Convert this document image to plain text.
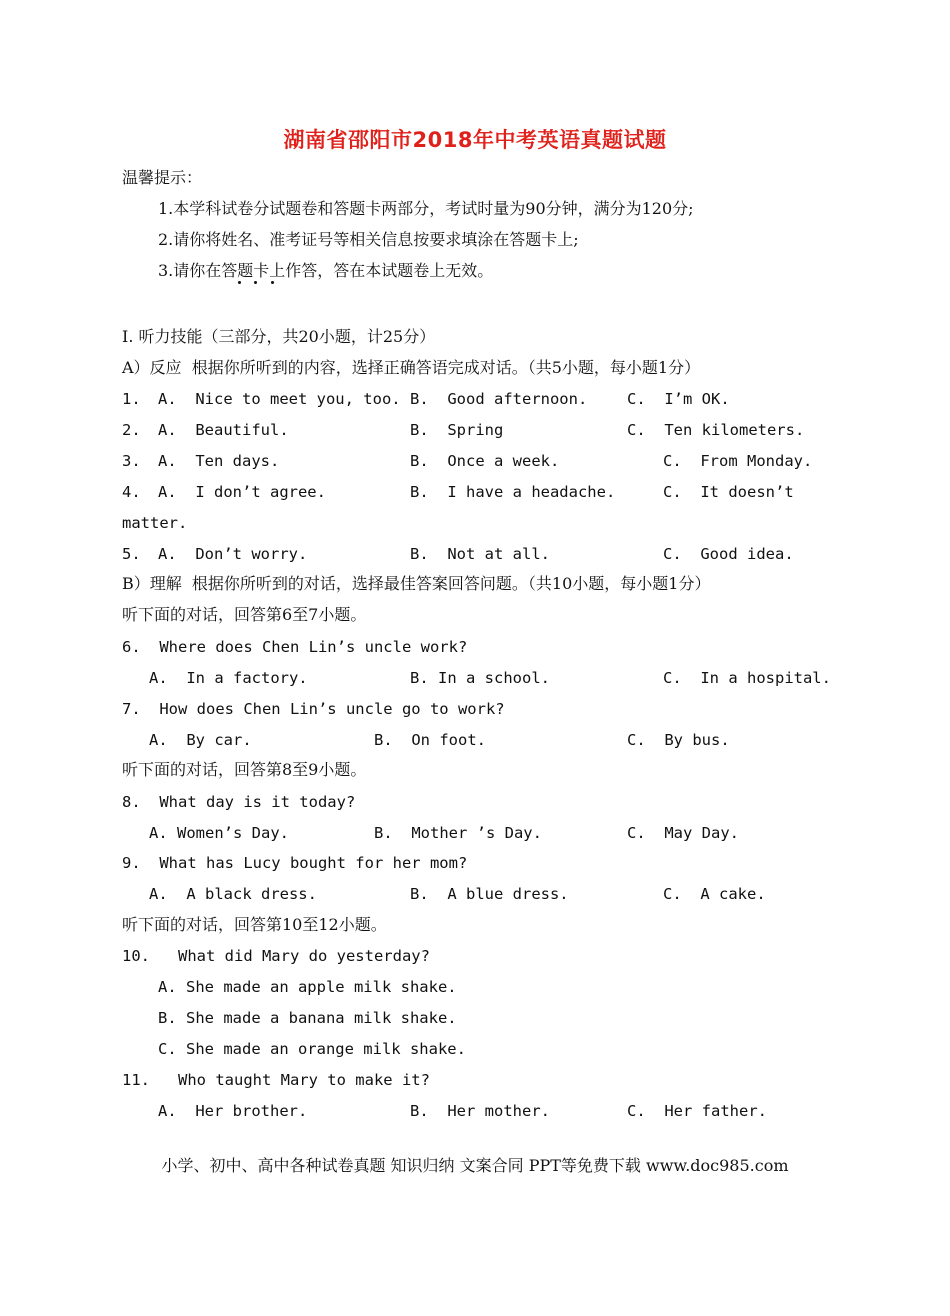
湖南省邵阳市2018年中考英语真题试题
温馨提示：
1.本学科试卷分试题卷和答题卡两部分，考试时量为90分钟，满分为120分;
2.请你将姓名、准考证号等相关信息按要求填涂在答题卡上;
3.请你在答题卡上作答，答在本试题卷上无效。
Ⅰ. 听力技能（三部分，共20小题，计25分）
A）反应  根据你所听到的内容，选择正确答语完成对话。（共5小题，每小题1分）
1. A.  Nice to meet you, too. B.  Good afternoon.	C.  I’m OK.
2. A.  Beautiful.	B.  Spring	C.  Ten kilometers.
3. A.  Ten days.	B.  Once a week.	C.  From Monday.
4. A.  I don’t agree.	B.  I have a headache.	C.  It doesn’t
matter.
5. A.  Don’t worry.	B.  Not at all.	C.  Good idea.
B）理解  根据你所听到的对话，选择最佳答案回答问题。（共10小题，每小题1分）
听下面的对话，回答第6至7小题。
6.  Where does Chen Lin’s uncle work?
A.  In a factory.	B. In a school.	C.  In a hospital.
7.  How does Chen Lin’s uncle go to work?
A.  By car.	B.  On foot.	C.  By bus.
听下面的对话，回答第8至9小题。
8.  What day is it today?
A. Women’s Day.	B.  Mother ’s Day.	C.  May Day.
9.  What has Lucy bought for her mom?
A.  A black dress.	B.  A blue dress.	C.  A cake.
听下面的对话，回答第10至12小题。
10.   What did Mary do yesterday?
A. She made an apple milk shake.
B. She made a banana milk shake.
C. She made an orange milk shake.
11.   Who taught Mary to make it?
A.  Her brother.	B.  Her mother.	C.  Her father.
小学、初中、高中各种试卷真题 知识归纳 文案合同 PPT等免费下载 www.doc985.com
